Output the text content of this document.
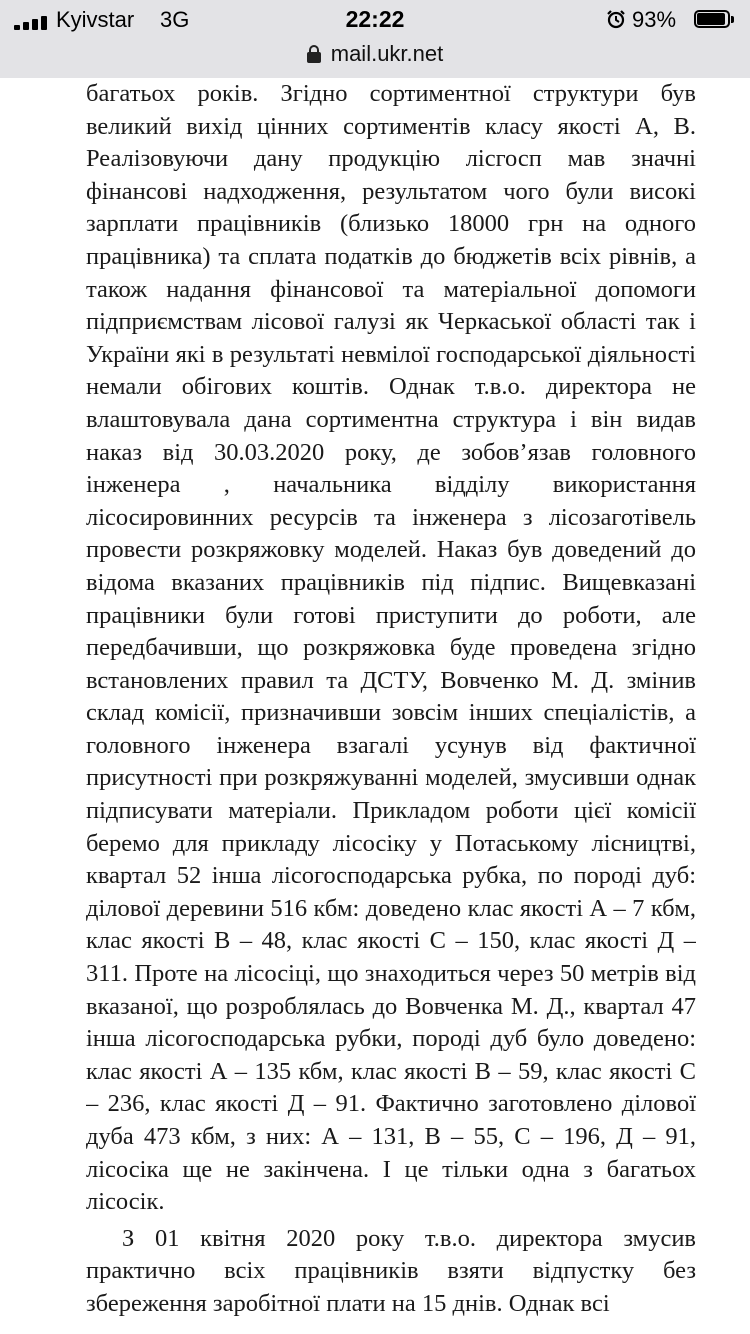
Kyivstar 3G	22:22	93%
mail.ukr.net

багатьох років. Згідно сортиментної структури був великий вихід цінних сортиментів класу якості А, В. Реалізовуючи дану продукцію лісгосп мав значні фінансові надходження, результатом чого були високі зарплати працівників (близько 18000 грн на одного працівника) та сплата податків до бюджетів всіх рівнів, а також надання фінансової та матеріальної допомоги підприємствам лісової галузі як Черкаської області так і України які в результаті невмілої господарської діяльності немали обігових коштів. Однак т.в.о. директора не влаштовувала дана сортиментна структура і він видав наказ від 30.03.2020 року, де зобов’язав головного інженера , начальника відділу використання лісосировинних ресурсів та інженера з лісозаготівель провести розкряжовку моделей. Наказ був доведений до відома вказаних працівників під підпис. Вищевказані працівники були готові приступити до роботи, але передбачивши, що розкряжовка буде проведена згідно встановлених правил та ДСТУ, Вовченко М. Д. змінив склад комісії, призначивши зовсім інших спеціалістів, а головного інженера взагалі усунув від фактичної присутності при розкряжуванні моделей, змусивши однак підписувати матеріали. Прикладом роботи цієї комісії беремо для прикладу лісосіку у Потаському лісництві, квартал 52 інша лісогосподарська рубка, по породі дуб: ділової деревини 516 кбм: доведено клас якості А – 7 кбм, клас якості В – 48, клас якості С – 150, клас якості Д – 311. Проте на лісосіці, що знаходиться через 50 метрів від вказаної, що розроблялась до Вовченка М. Д., квартал 47 інша лісогосподарська рубки, породі дуб було доведено: клас якості А – 135 кбм, клас якості В – 59, клас якості С – 236, клас якості Д – 91. Фактично заготовлено ділової дуба 473 кбм, з них: А – 131, В – 55, С – 196, Д – 91, лісосіка ще не закінчена. І це тільки одна з багатьох лісосік.

З 01 квітня 2020 року т.в.о. директора змусив практично всіх працівників взяти відпустку без збереження заробітної плати на 15 днів. Однак всі
